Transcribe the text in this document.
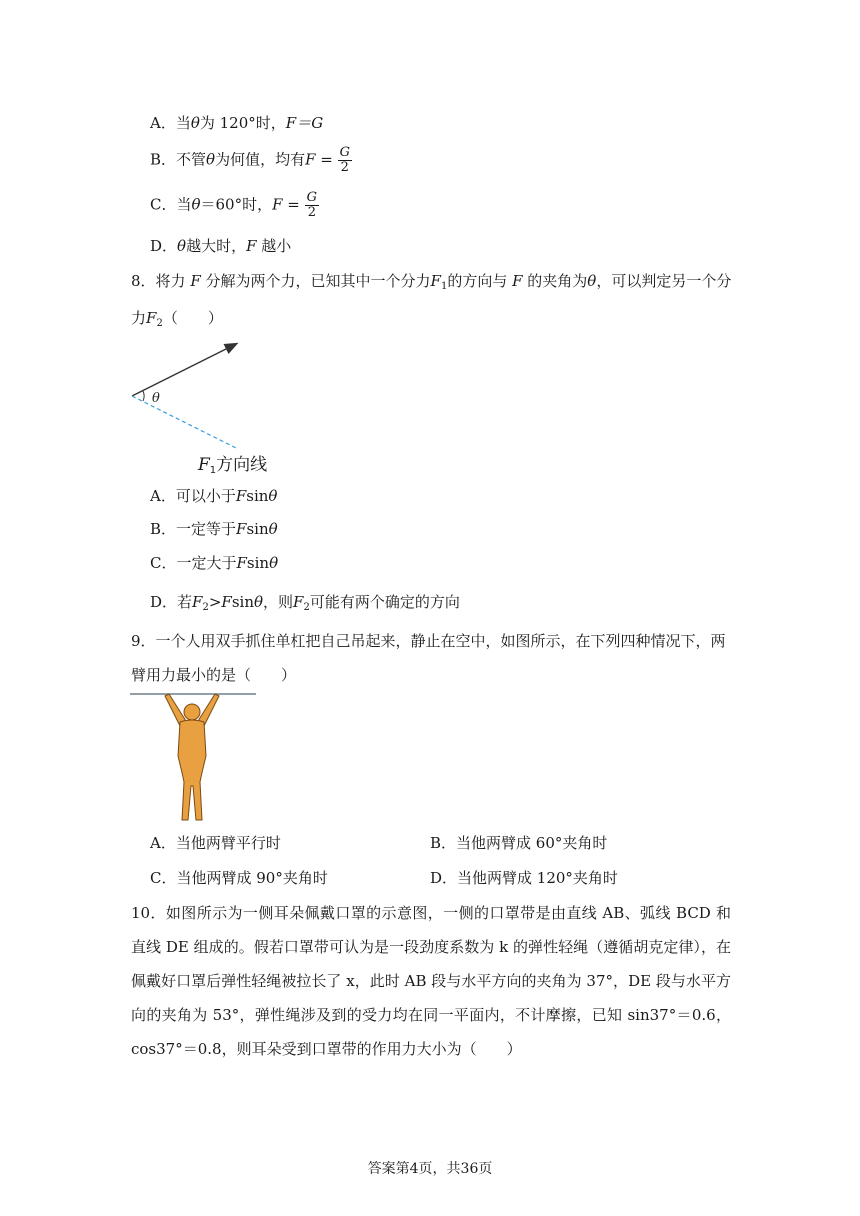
A．当θ为 120°时，F＝G
B．不管θ为何值，均有$F = \frac{G}{2}$
C．当θ＝60°时，$F = \frac{G}{2}$
D．θ越大时，F 越小
8．将力 F 分解为两个力，已知其中一个分力$F_1$的方向与 F 的夹角为θ，可以判定另一个分
力$F_2$（　　）
θ
$F_1$方向线
A．可以小于Fsinθ
B．一定等于Fsinθ
C．一定大于Fsinθ
D．若$F_2>Fsin\theta$，则$F_2$可能有两个确定的方向
9．一个人用双手抓住单杠把自己吊起来，静止在空中，如图所示，在下列四种情况下，两
臂用力最小的是（　　）
A．当他两臂平行时	B．当他两臂成 60°夹角时
C．当他两臂成 90°夹角时	D．当他两臂成 120°夹角时
10．如图所示为一侧耳朵佩戴口罩的示意图，一侧的口罩带是由直线 AB、弧线 BCD 和直线 DE 组成的。假若口罩带可认为是一段劲度系数为 k 的弹性轻绳（遵循胡克定律），在佩戴好口罩后弹性轻绳被拉长了 x，此时 AB 段与水平方向的夹角为 37°，DE 段与水平方向的夹角为 53°，弹性绳涉及到的受力均在同一平面内，不计摩擦，已知 sin37°＝0.6，cos37°＝0.8，则耳朵受到口罩带的作用力大小为（　　）
答案第4页，共36页
